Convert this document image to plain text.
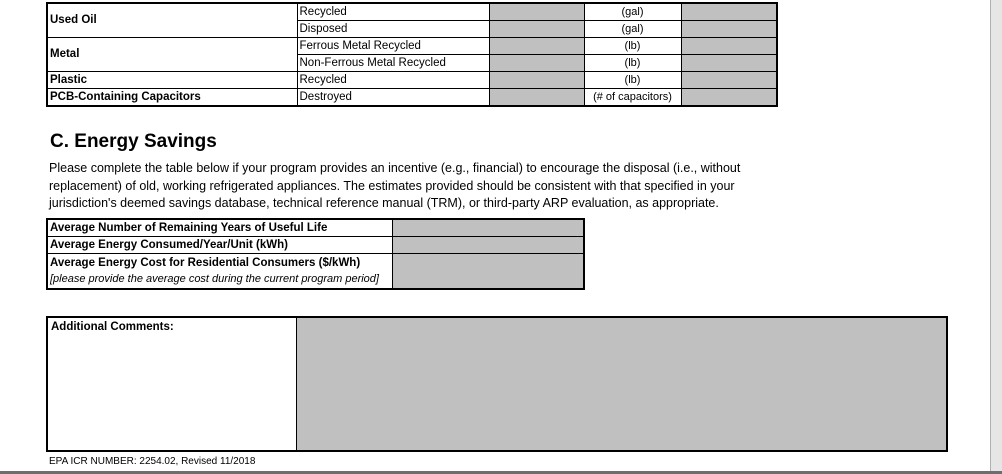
Used Oil	Recycled		(gal)	
	Disposed		(gal)	
Metal	Ferrous Metal Recycled		(lb)	
	Non-Ferrous Metal Recycled		(lb)	
Plastic	Recycled		(lb)	
PCB-Containing Capacitors	Destroyed		(# of capacitors)	
C. Energy Savings

Please complete the table below if your program provides an incentive (e.g., financial) to encourage the disposal (i.e., without replacement) of old, working refrigerated appliances. The estimates provided should be consistent with that specified in your jurisdiction's deemed savings database, technical reference manual (TRM), or third-party ARP evaluation, as appropriate.

Average Number of Remaining Years of Useful Life	
Average Energy Consumed/Year/Unit (kWh)	

Average Energy Cost for Residential Consumers ($/kWh)
[please provide the average cost during the current program period]	

Additional Comments:	
EPA ICR NUMBER: 2254.02, Revised 11/2018
